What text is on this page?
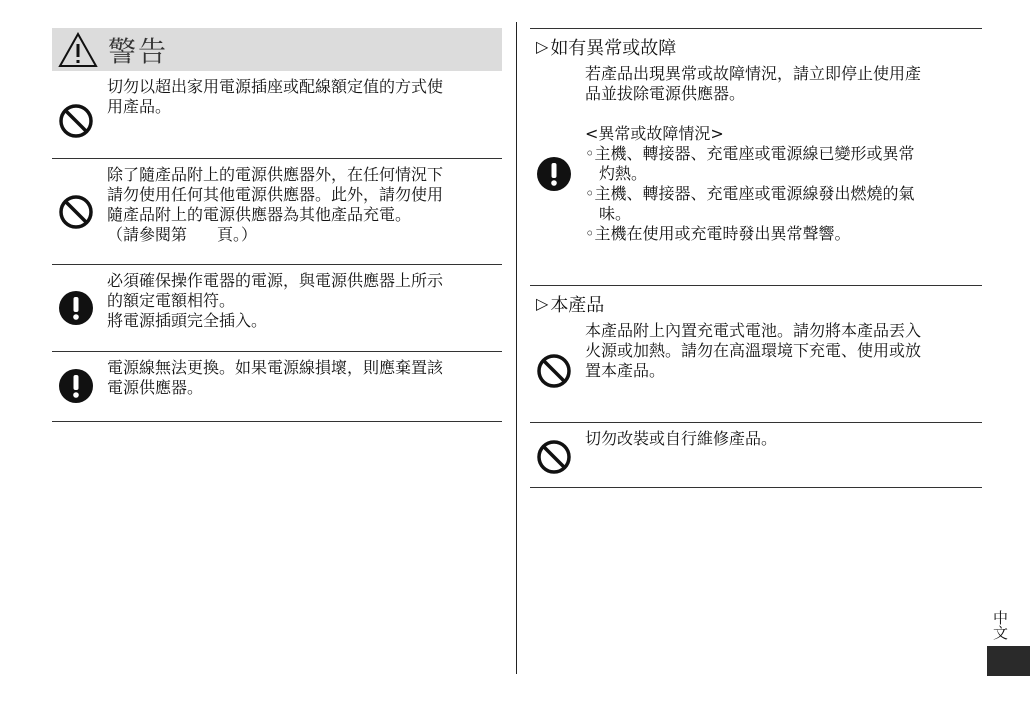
警告
切勿以超出家用電源插座或配線額定值的方式使
用產品。
除了隨產品附上的電源供應器外，在任何情況下
請勿使用任何其他電源供應器。此外，請勿使用
隨產品附上的電源供應器為其他產品充電。
（請參閱第 頁。）
必須確保操作電器的電源，與電源供應器上所示
的額定電額相符。
將電源插頭完全插入。
電源線無法更換。如果電源線損壞，則應棄置該
電源供應器。
▷ 如有異常或故障
若產品出現異常或故障情況，請立即停止使用產
品並拔除電源供應器。
<異常或故障情況>
◦主機、轉接器、充電座或電源線已變形或異常
灼熱。
◦主機、轉接器、充電座或電源線發出燃燒的氣
味。
◦主機在使用或充電時發出異常聲響。
▷ 本產品
本產品附上內置充電式電池。請勿將本產品丟入
火源或加熱。請勿在高溫環境下充電、使用或放
置本產品。
切勿改裝或自行維修產品。
中文
